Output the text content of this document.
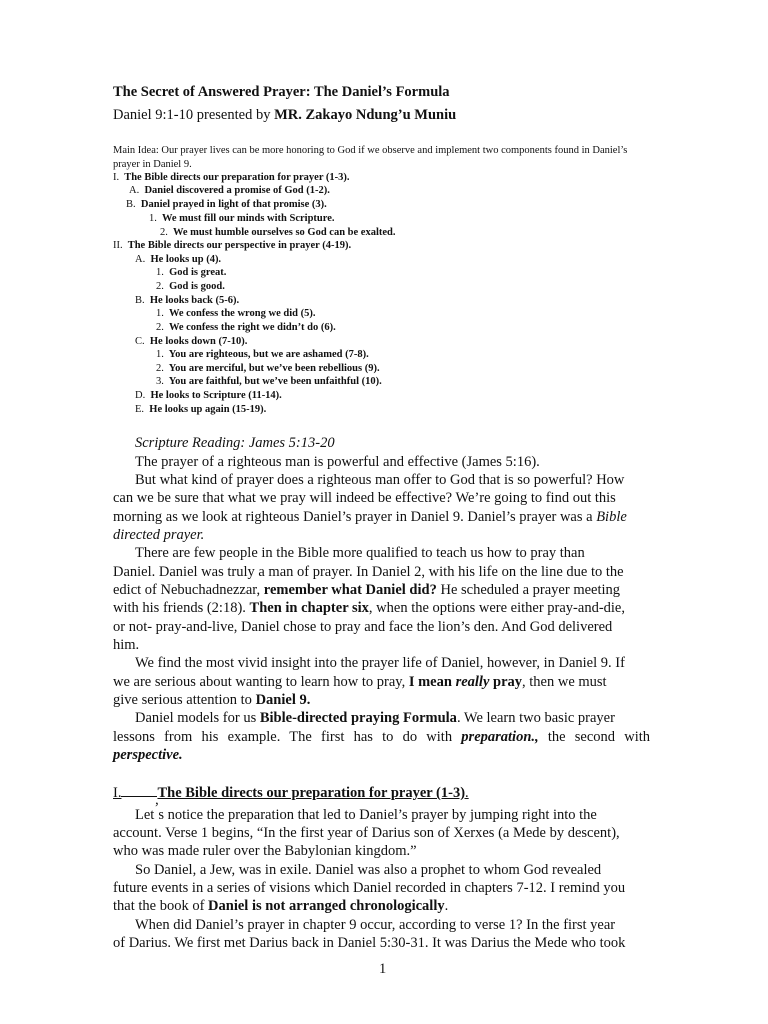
The Secret of Answered Prayer: The Daniel’s Formula
Daniel 9:1-10 presented by MR. Zakayo Ndung’u Muniu
Main Idea: Our prayer lives can be more honoring to God if we observe and implement two components found in Daniel’s prayer in Daniel 9.
I. The Bible directs our preparation for prayer (1-3).
A. Daniel discovered a promise of God (1-2).
B. Daniel prayed in light of that promise (3).
1. We must fill our minds with Scripture.
2. We must humble ourselves so God can be exalted.
II. The Bible directs our perspective in prayer (4-19).
A. He looks up (4).
1. God is great.
2. God is good.
B. He looks back (5-6).
1. We confess the wrong we did (5).
2. We confess the right we didn’t do (6).
C. He looks down (7-10).
1. You are righteous, but we are ashamed (7-8).
2. You are merciful, but we’ve been rebellious (9).
3. You are faithful, but we’ve been unfaithful (10).
D. He looks to Scripture (11-14).
E. He looks up again (15-19).
Scripture Reading: James 5:13-20
The prayer of a righteous man is powerful and effective (James 5:16).
But what kind of prayer does a righteous man offer to God that is so powerful? How
can we be sure that what we pray will indeed be effective? We’re going to find out this
morning as we look at righteous Daniel’s prayer in Daniel 9. Daniel’s prayer was a Bible
directed prayer.
There are few people in the Bible more qualified to teach us how to pray than
Daniel. Daniel was truly a man of prayer. In Daniel 2, with his life on the line due to the
edict of Nebuchadnezzar, remember what Daniel did? He scheduled a prayer meeting
with his friends (2:18). Then in chapter six, when the options were either pray-and-die,
or not- pray-and-live, Daniel chose to pray and face the lion’s den. And God delivered
him.
We find the most vivid insight into the prayer life of Daniel, however, in Daniel 9. If
we are serious about wanting to learn how to pray, I mean really pray, then we must
give serious attention to Daniel 9.
Daniel models for us Bible-directed praying Formula. We learn two basic prayer
lessons from his example. The first has to do with preparation., the second with
perspective.
I. The Bible directs our preparation for prayer (1-3).
Let’s notice the preparation that led to Daniel’s prayer by jumping right into the
account. Verse 1 begins, “In the first year of Darius son of Xerxes (a Mede by descent),
who was made ruler over the Babylonian kingdom.”
So Daniel, a Jew, was in exile. Daniel was also a prophet to whom God revealed
future events in a series of visions which Daniel recorded in chapters 7-12. I remind you
that the book of Daniel is not arranged chronologically.
When did Daniel’s prayer in chapter 9 occur, according to verse 1? In the first year
of Darius. We first met Darius back in Daniel 5:30-31. It was Darius the Mede who took
1
